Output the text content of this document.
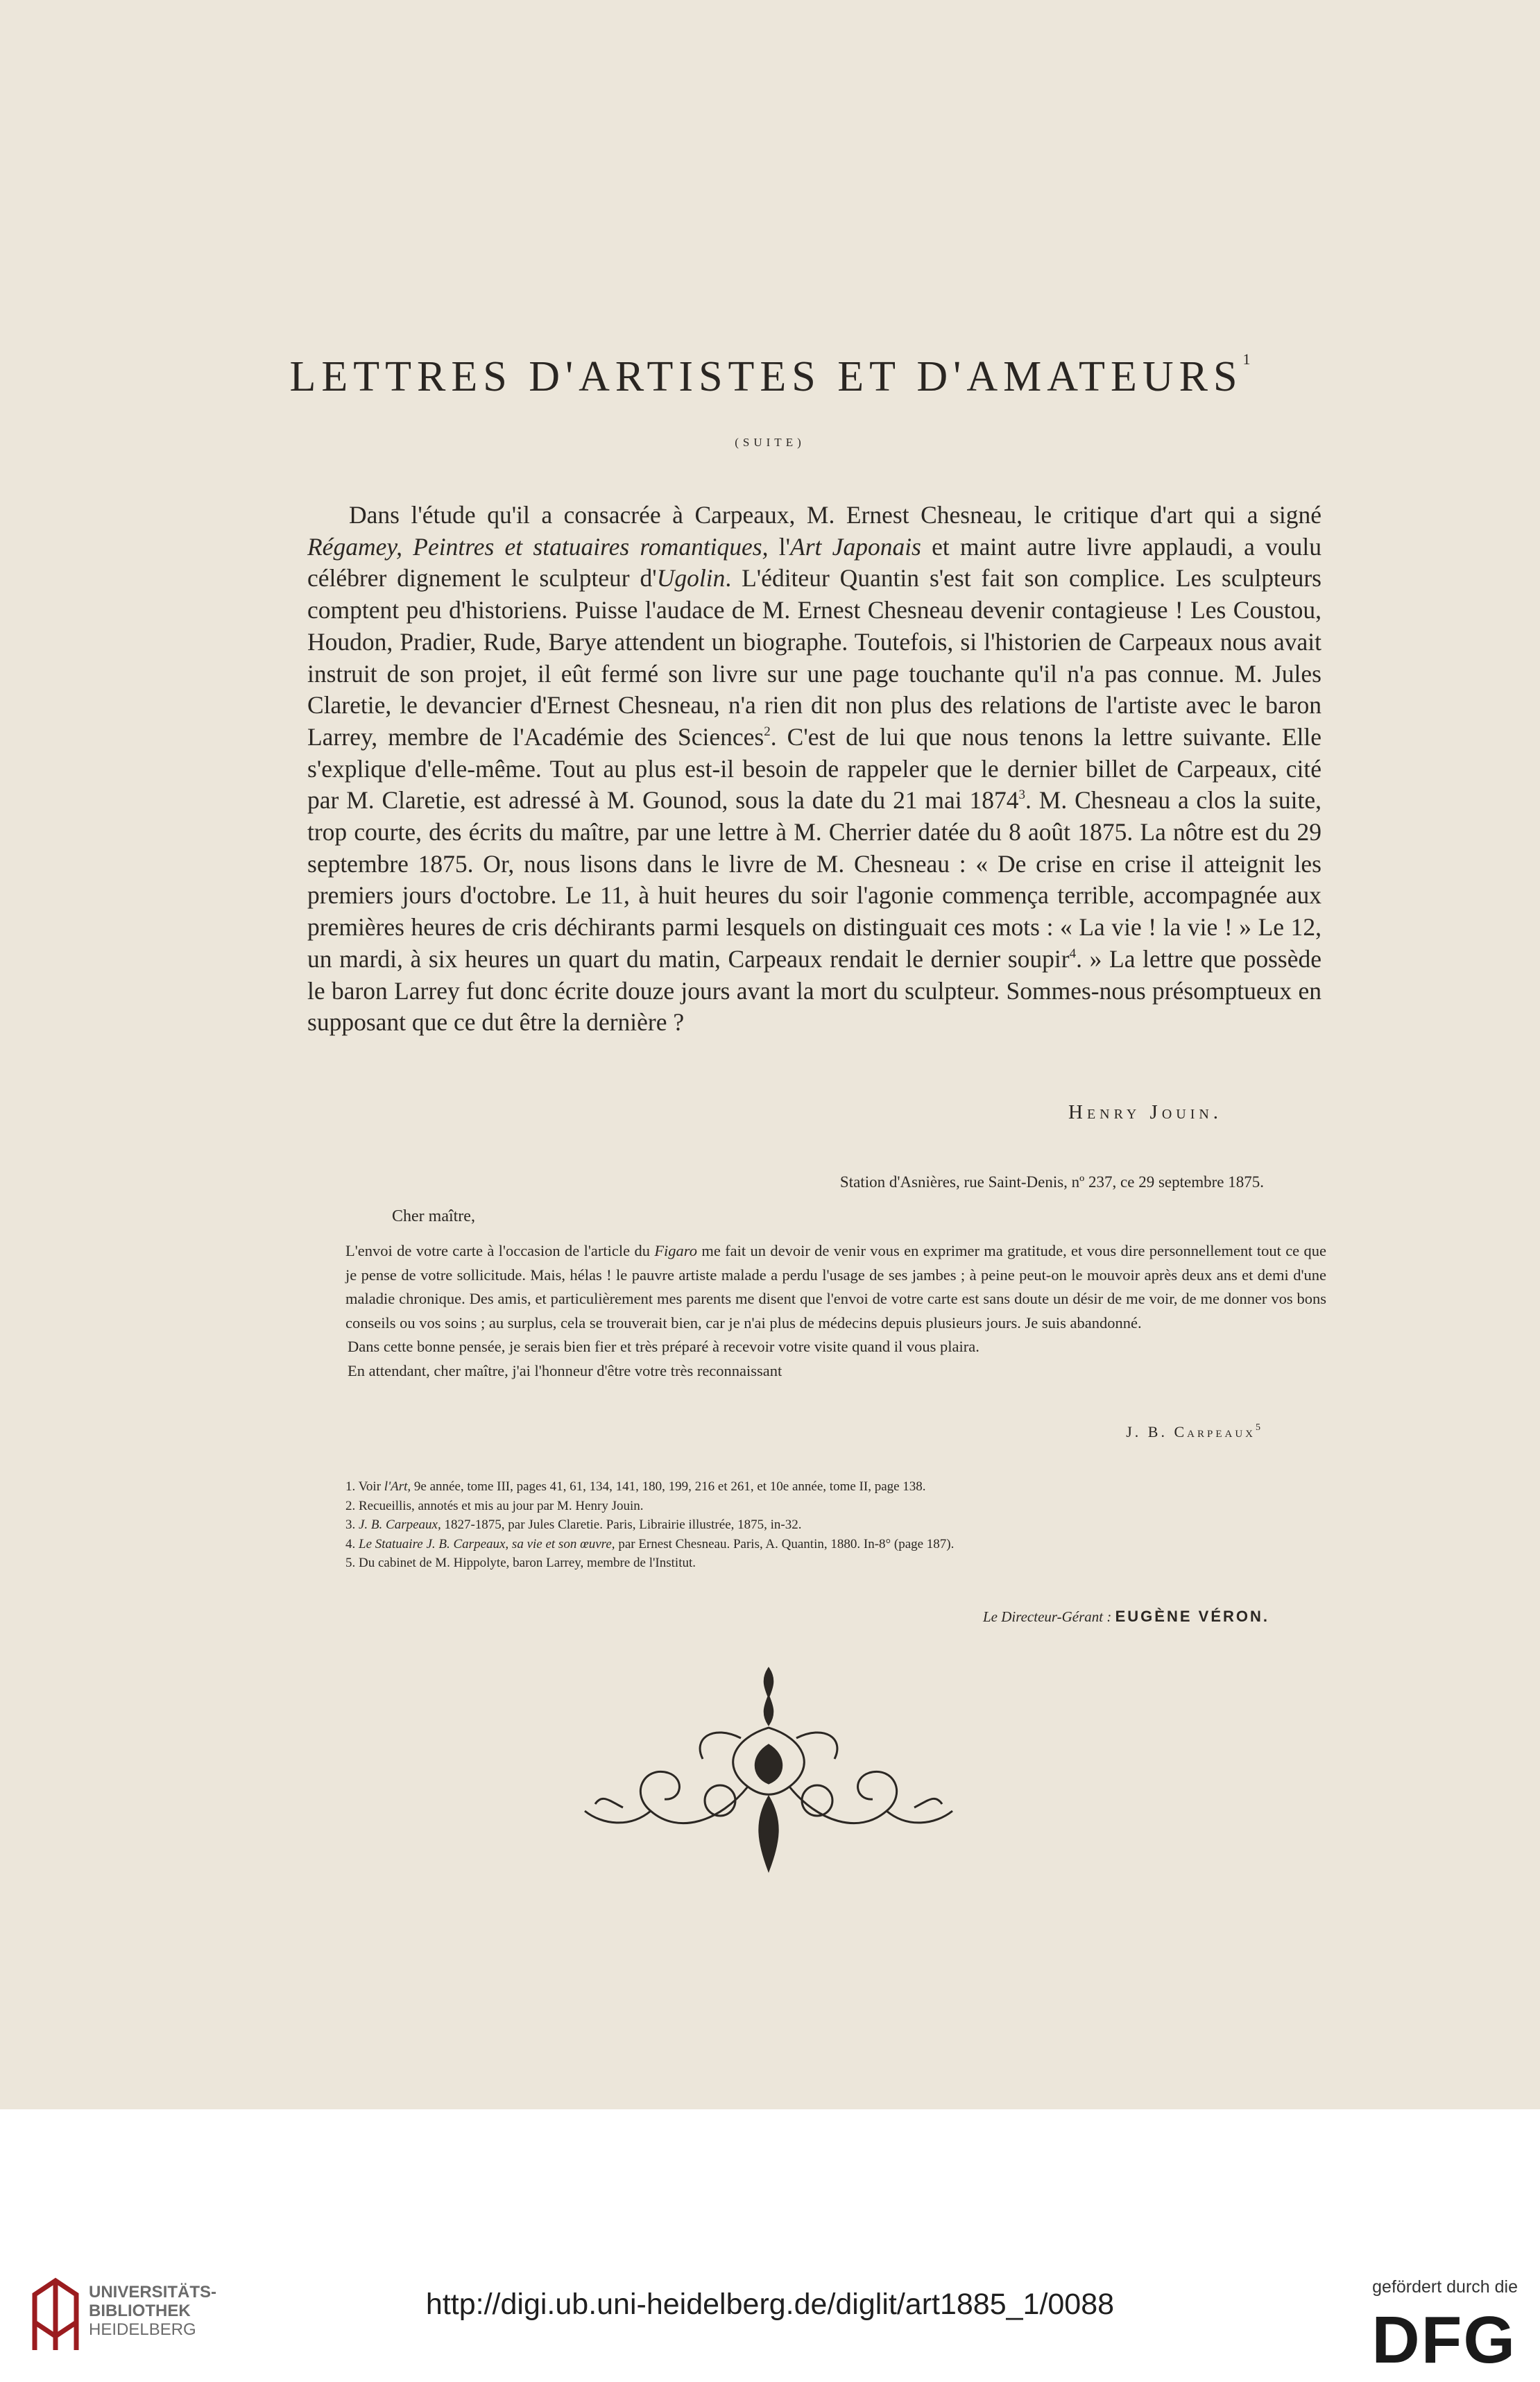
LETTRES D'ARTISTES ET D'AMATEURS$^1$
(SUITE)

Dans l'étude qu'il a consacrée à Carpeaux, M. Ernest Chesneau, le critique d'art qui a signé Régamey, Peintres et statuaires romantiques, l'Art Japonais et maint autre livre applaudi, a voulu célébrer dignement le sculpteur d'Ugolin. L'éditeur Quantin s'est fait son complice. Les sculpteurs comptent peu d'historiens. Puisse l'audace de M. Ernest Chesneau devenir contagieuse ! Les Coustou, Houdon, Pradier, Rude, Barye attendent un biographe. Toutefois, si l'historien de Carpeaux nous avait instruit de son projet, il eût fermé son livre sur une page touchante qu'il n'a pas connue. M. Jules Claretie, le devancier d'Ernest Chesneau, n'a rien dit non plus des relations de l'artiste avec le baron Larrey, membre de l'Académie des Sciences$^2$. C'est de lui que nous tenons la lettre suivante. Elle s'explique d'elle-même. Tout au plus est-il besoin de rappeler que le dernier billet de Carpeaux, cité par M. Claretie, est adressé à M. Gounod, sous la date du 21 mai 1874$^3$. M. Chesneau a clos la suite, trop courte, des écrits du maître, par une lettre à M. Cherrier datée du 8 août 1875. La nôtre est du 29 septembre 1875. Or, nous lisons dans le livre de M. Chesneau : « De crise en crise il atteignit les premiers jours d'octobre. Le 11, à huit heures du soir l'agonie commença terrible, accompagnée aux premières heures de cris déchirants parmi lesquels on distinguait ces mots : « La vie ! la vie ! » Le 12, un mardi, à six heures un quart du matin, Carpeaux rendait le dernier soupir$^4$. » La lettre que possède le baron Larrey fut donc écrite douze jours avant la mort du sculpteur. Sommes-nous présomptueux en supposant que ce dut être la dernière ?

Henry Jouin.
Station d'Asnières, rue Saint-Denis, nº 237, ce 29 septembre 1875.
Cher maître,

L'envoi de votre carte à l'occasion de l'article du Figaro me fait un devoir de venir vous en exprimer ma gratitude, et vous dire personnellement tout ce que je pense de votre sollicitude. Mais, hélas ! le pauvre artiste malade a perdu l'usage de ses jambes ; à peine peut-on le mouvoir après deux ans et demi d'une maladie chronique. Des amis, et particulièrement mes parents me disent que l'envoi de votre carte est sans doute un désir de me voir, de me donner vos bons conseils ou vos soins ; au surplus, cela se trouverait bien, car je n'ai plus de médecins depuis plusieurs jours. Je suis abandonné.

Dans cette bonne pensée, je serais bien fier et très préparé à recevoir votre visite quand il vous plaira.

En attendant, cher maître, j'ai l'honneur d'être votre très reconnaissant

J. B. Carpeaux$^5$
1. Voir l'Art, 9e année, tome III, pages 41, 61, 134, 141, 180, 199, 216 et 261, et 10e année, tome II, page 138.
2. Recueillis, annotés et mis au jour par M. Henry Jouin.
3. J. B. Carpeaux, 1827-1875, par Jules Claretie. Paris, Librairie illustrée, 1875, in-32.
4. Le Statuaire J. B. Carpeaux, sa vie et son œuvre, par Ernest Chesneau. Paris, A. Quantin, 1880. In-8° (page 187).
5. Du cabinet de M. Hippolyte, baron Larrey, membre de l'Institut.
Le Directeur-Gérant : EUGÈNE VÉRON.
UNIVERSITÄTS-
BIBLIOTHEK
HEIDELBERG
http://digi.ub.uni-heidelberg.de/diglit/art1885_1/0088
gefördert durch die
DFG
